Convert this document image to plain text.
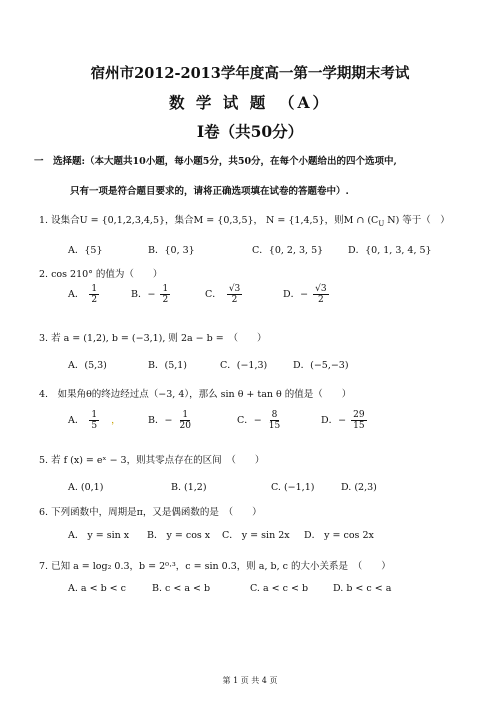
宿州市2012-2013学年度高一第一学期期末考试
数 学 试 题　（A）
Ⅰ卷（共50分）
一　选择题:（本大题共10小题，每小题5分，共50分，在每个小题给出的四个选项中,
只有一项是符合题目要求的，请将正确选项填在试卷的答题卷中）.
1. 设集合U = {0,1,2,3,4,5}，集合M = {0,3,5}， N = {1,4,5}，则M ∩ ($C_U$ N) 等于（　）
A．{5}	B．{0, 3}	C．{0, 2, 3, 5}	D．{0, 1, 3, 4, 5}
2. cos 210° 的值为（　　）
A． $\frac{1}{2}$	B．− $\frac{1}{2}$	C． $\frac{√3}{2}$	D．− $\frac{√3}{2}$
3. 若 a = (1,2), b = (−3,1), 则 2a − b =　（　　）
A．(5,3)	B．(5,1)	C．(−1,3)	D．(−5,−3)
4.　如果角θ的终边经过点（−3, 4），那么 sin θ + tan θ 的值是（　　）
A． $\frac{1}{5}$ ，	B．− $\frac{1}{20}$	C．− $\frac{8}{15}$	D．− $\frac{29}{15}$
5. 若 f (x) = eˣ − 3，则其零点存在的区间　（　　）
A. (0,1)	B. (1,2)	C. (−1,1)	D. (2,3)
6. 下列函数中，周期是π，又是偶函数的是　（　　）
A． y = sin x B． y = cos x C． y = sin 2x D． y = cos 2x
7. 已知 a = log₂ 0.3，b = 2⁰·³，c = sin 0.3，则 a, b, c 的大小关系是　（　　）
A. a < b < c	B. c < a < b	C. a < c < b	D. b < c < a
第 1 页 共 4 页
